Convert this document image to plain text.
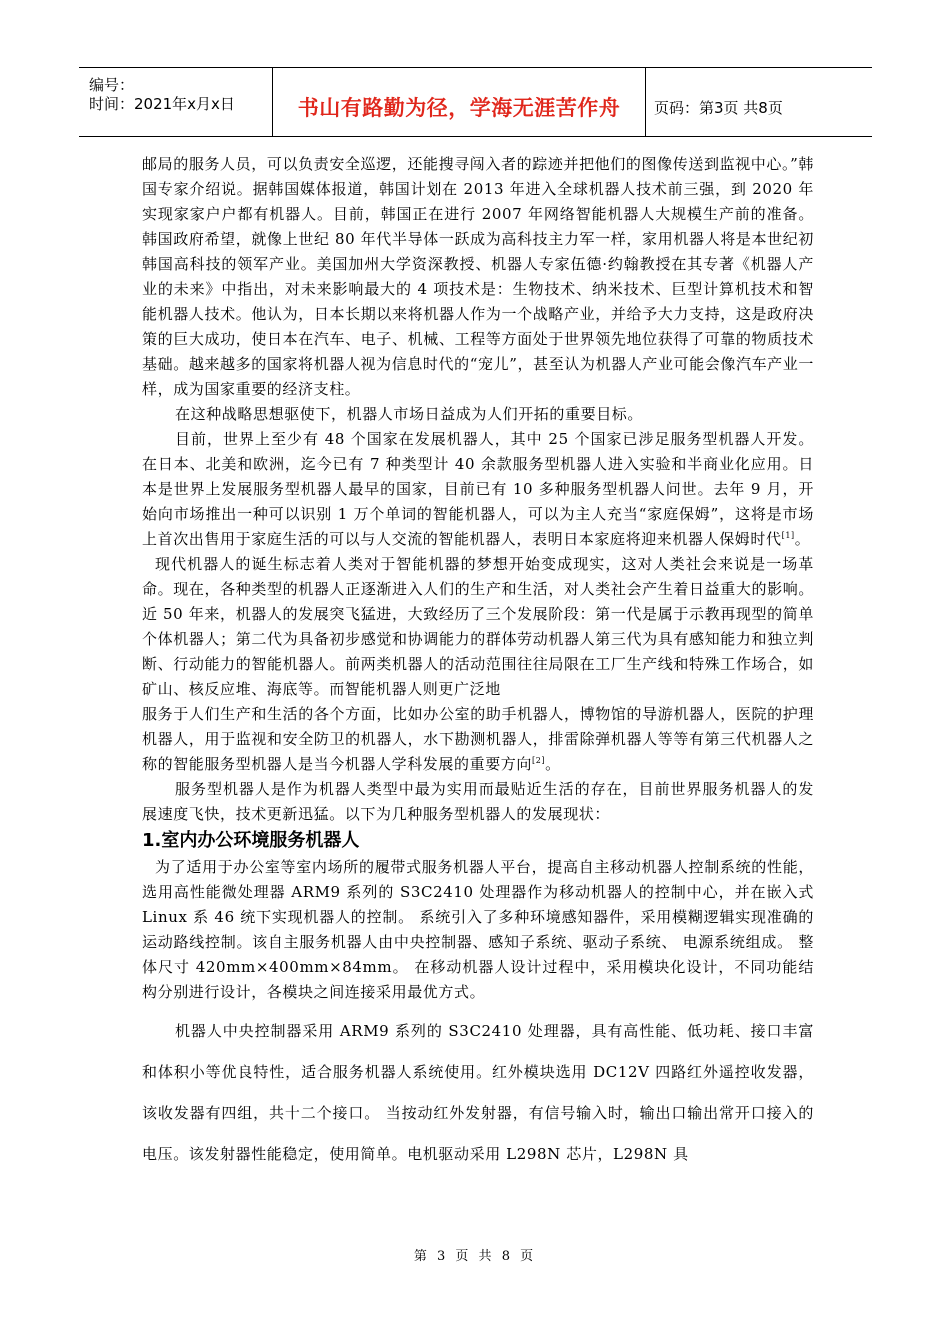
编号：
时间：2021年x月x日	书山有路勤为径，学海无涯苦作舟	页码：第3页 共8页

邮局的服务人员，可以负责安全巡逻，还能搜寻闯入者的踪迹并把他们的图像传送到监视中心。”韩国专家介绍说。据韩国媒体报道，韩国计划在 2013 年进入全球机器人技术前三强，到 2020 年实现家家户户都有机器人。目前，韩国正在进行 2007 年网络智能机器人大规模生产前的准备。韩国政府希望，就像上世纪 80 年代半导体一跃成为高科技主力军一样，家用机器人将是本世纪初韩国高科技的领军产业。美国加州大学资深教授、机器人专家伍德·约翰教授在其专著《机器人产业的未来》中指出，对未来影响最大的 4 项技术是：生物技术、纳米技术、巨型计算机技术和智能机器人技术。他认为，日本长期以来将机器人作为一个战略产业，并给予大力支持，这是政府决策的巨大成功，使日本在汽车、电子、机械、工程等方面处于世界领先地位获得了可靠的物质技术基础。越来越多的国家将机器人视为信息时代的“宠儿”，甚至认为机器人产业可能会像汽车产业一样，成为国家重要的经济支柱。

在这种战略思想驱使下，机器人市场日益成为人们开拓的重要目标。

目前，世界上至少有 48 个国家在发展机器人，其中 25 个国家已涉足服务型机器人开发。在日本、北美和欧洲，迄今已有 7 种类型计 40 余款服务型机器人进入实验和半商业化应用。日本是世界上发展服务型机器人最早的国家，目前已有 10 多种服务型机器人问世。去年 9 月，开始向市场推出一种可以识别 1 万个单词的智能机器人，可以为主人充当“家庭保姆”，这将是市场上首次出售用于家庭生活的可以与人交流的智能机器人，表明日本家庭将迎来机器人保姆时代[1]。

现代机器人的诞生标志着人类对于智能机器的梦想开始变成现实，这对人类社会来说是一场革命。现在，各种类型的机器人正逐渐进入人们的生产和生活，对人类社会产生着日益重大的影响。近 50 年来，机器人的发展突飞猛进，大致经历了三个发展阶段：第一代是属于示教再现型的简单个体机器人；第二代为具备初步感觉和协调能力的群体劳动机器人第三代为具有感知能力和独立判断、行动能力的智能机器人。前两类机器人的活动范围往往局限在工厂生产线和特殊工作场合，如矿山、核反应堆、海底等。而智能机器人则更广泛地

服务于人们生产和生活的各个方面，比如办公室的助手机器人，博物馆的导游机器人，医院的护理机器人，用于监视和安全防卫的机器人，水下勘测机器人，排雷除弹机器人等等有第三代机器人之称的智能服务型机器人是当今机器人学科发展的重要方向[2]。

服务型机器人是作为机器人类型中最为实用而最贴近生活的存在，目前世界服务机器人的发展速度飞快，技术更新迅猛。以下为几种服务型机器人的发展现状：

1.室内办公环境服务机器人

为了适用于办公室等室内场所的履带式服务机器人平台，提高自主移动机器人控制系统的性能，选用高性能微处理器 ARM9 系列的 S3C2410 处理器作为移动机器人的控制中心，并在嵌入式 Linux 系 46 统下实现机器人的控制。 系统引入了多种环境感知器件，采用模糊逻辑实现准确的运动路线控制。该自主服务机器人由中央控制器、感知子系统、驱动子系统、 电源系统组成。 整体尺寸 420mm×400mm×84mm。 在移动机器人设计过程中，采用模块化设计，不同功能结构分别进行设计，各模块之间连接采用最优方式。

机器人中央控制器采用 ARM9 系列的 S3C2410 处理器，具有高性能、低功耗、接口丰富和体积小等优良特性，适合服务机器人系统使用。红外模块选用 DC12V 四路红外遥控收发器，该收发器有四组，共十二个接口。 当按动红外发射器，有信号输入时，输出口输出常开口接入的电压。该发射器性能稳定，使用简单。电机驱动采用 L298N 芯片，L298N 具

第 3 页 共 8 页
